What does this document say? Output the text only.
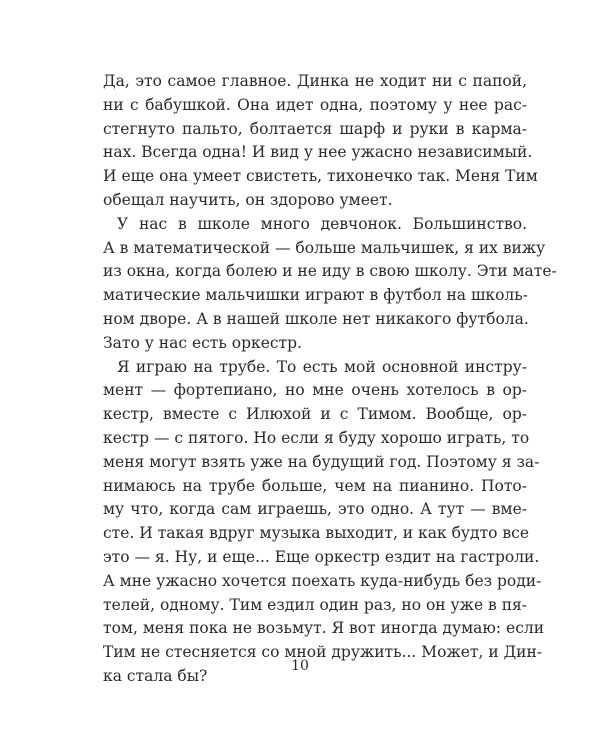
Да, это самое главное. Динка не ходит ни с папой,
ни с бабушкой. Она идет одна, поэтому у нее рас-
стегнуто пальто, болтается шарф и руки в карма-
нах. Всегда одна! И вид у нее ужасно независимый.
И еще она умеет свистеть, тихонечко так. Меня Тим
обещал научить, он здорово умеет.
У нас в школе много девчонок. Большинство.
А в математической — больше мальчишек, я их вижу
из окна, когда болею и не иду в свою школу. Эти мате-
матические мальчишки играют в футбол на школь-
ном дворе. А в нашей школе нет никакого футбола.
Зато у нас есть оркестр.
Я играю на трубе. То есть мой основной инстру-
мент — фортепиано, но мне очень хотелось в ор-
кестр, вместе с Илюхой и с Тимом. Вообще, ор-
кестр — с пятого. Но если я буду хорошо играть, то
меня могут взять уже на будущий год. Поэтому я за-
нимаюсь на трубе больше, чем на пианино. Пото-
му что, когда сам играешь, это одно. А тут — вме-
сте. И такая вдруг музыка выходит, и как будто все
это — я. Ну, и еще... Еще оркестр ездит на гастроли.
А мне ужасно хочется поехать куда-нибудь без роди-
телей, одному. Тим ездил один раз, но он уже в пя-
том, меня пока не возьмут. Я вот иногда думаю: если
Тим не стесняется со мной дружить... Может, и Дин-
ка стала бы?
10
